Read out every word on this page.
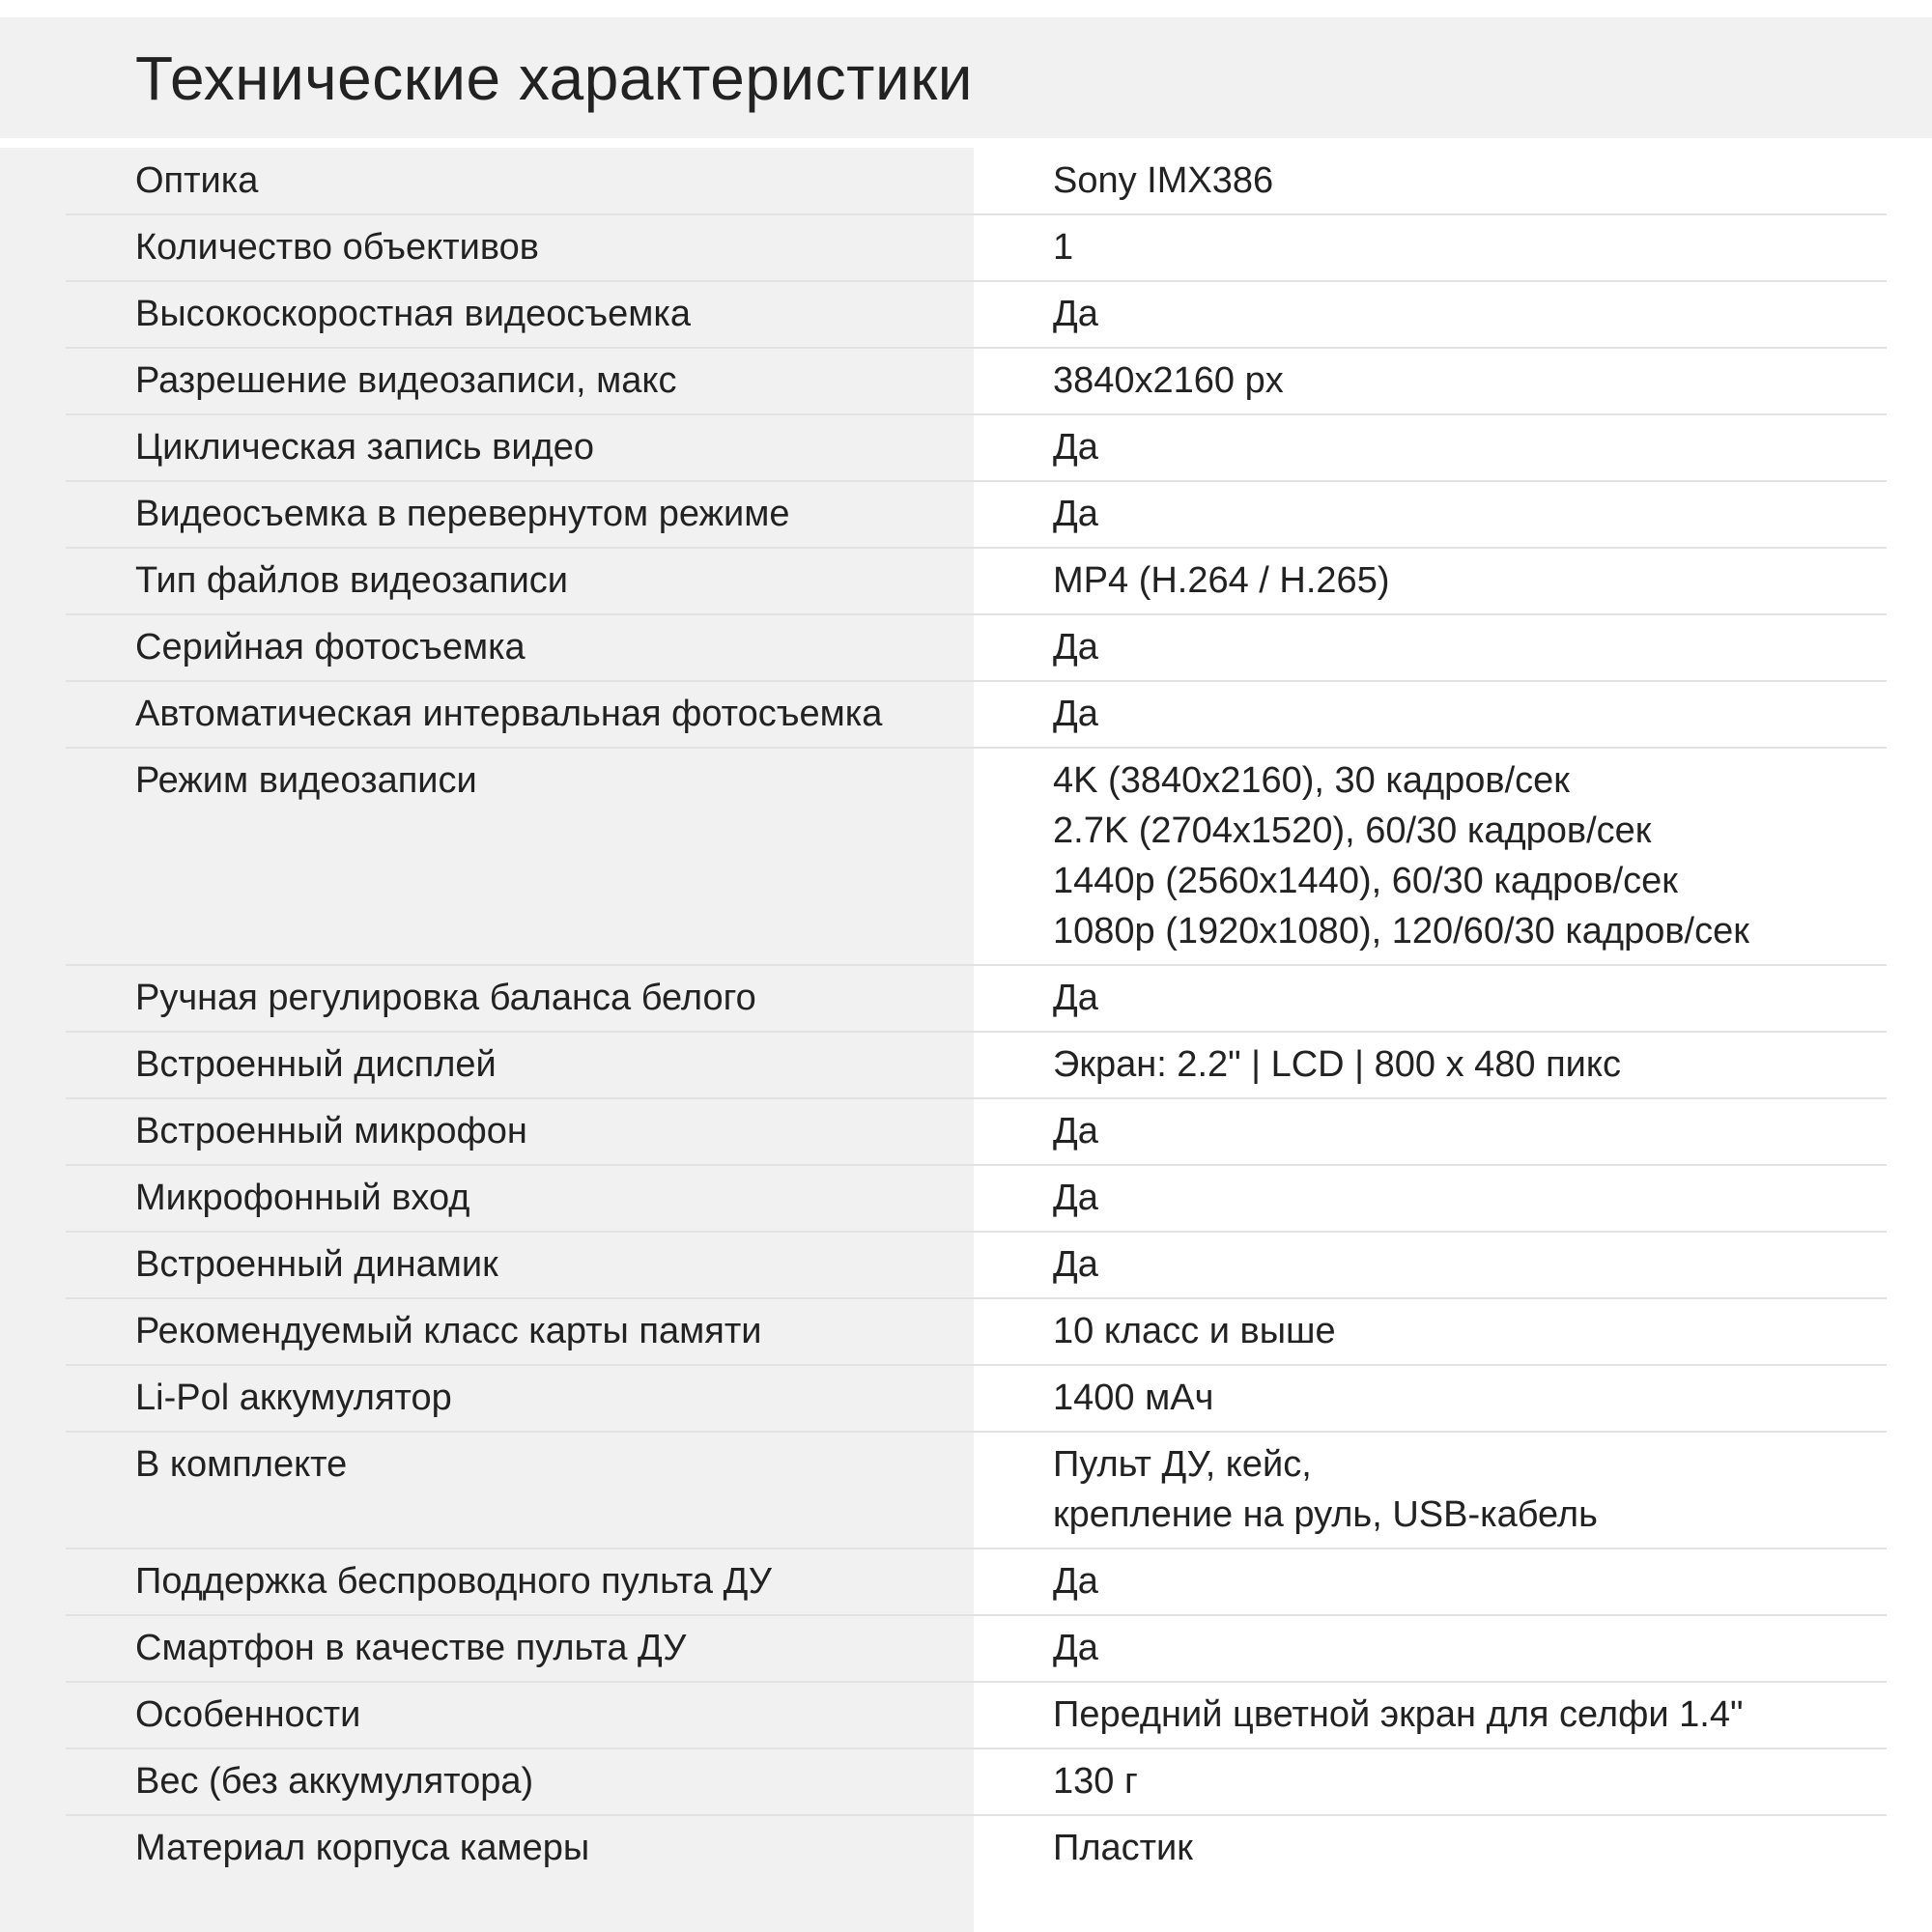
Технические характеристики
Оптика	Sony IMX386
Количество объективов	1
Высокоскоростная видеосъемка	Да
Разрешение видеозаписи, макс	3840x2160 px
Циклическая запись видео	Да
Видеосъемка в перевернутом режиме	Да
Тип файлов видеозаписи	MP4 (H.264 / H.265)
Серийная фотосъемка	Да
Автоматическая интервальная фотосъемка	Да
Режим видеозаписи	4K (3840x2160), 30 кадров/сек
2.7K (2704x1520), 60/30 кадров/сек
1440p (2560x1440), 60/30 кадров/сек
1080p (1920x1080), 120/60/30 кадров/сек
Ручная регулировка баланса белого	Да
Встроенный дисплей	Экран: 2.2" | LCD | 800 x 480 пикс
Встроенный микрофон	Да
Микрофонный вход	Да
Встроенный динамик	Да
Рекомендуемый класс карты памяти	10 класс и выше
Li-Pol аккумулятор	1400 мАч
В комплекте	Пульт ДУ, кейс,
крепление на руль, USB-кабель
Поддержка беспроводного пульта ДУ	Да
Смартфон в качестве пульта ДУ	Да
Особенности	Передний цветной экран для селфи 1.4"
Вес (без аккумулятора)	130 г
Материал корпуса камеры	Пластик
